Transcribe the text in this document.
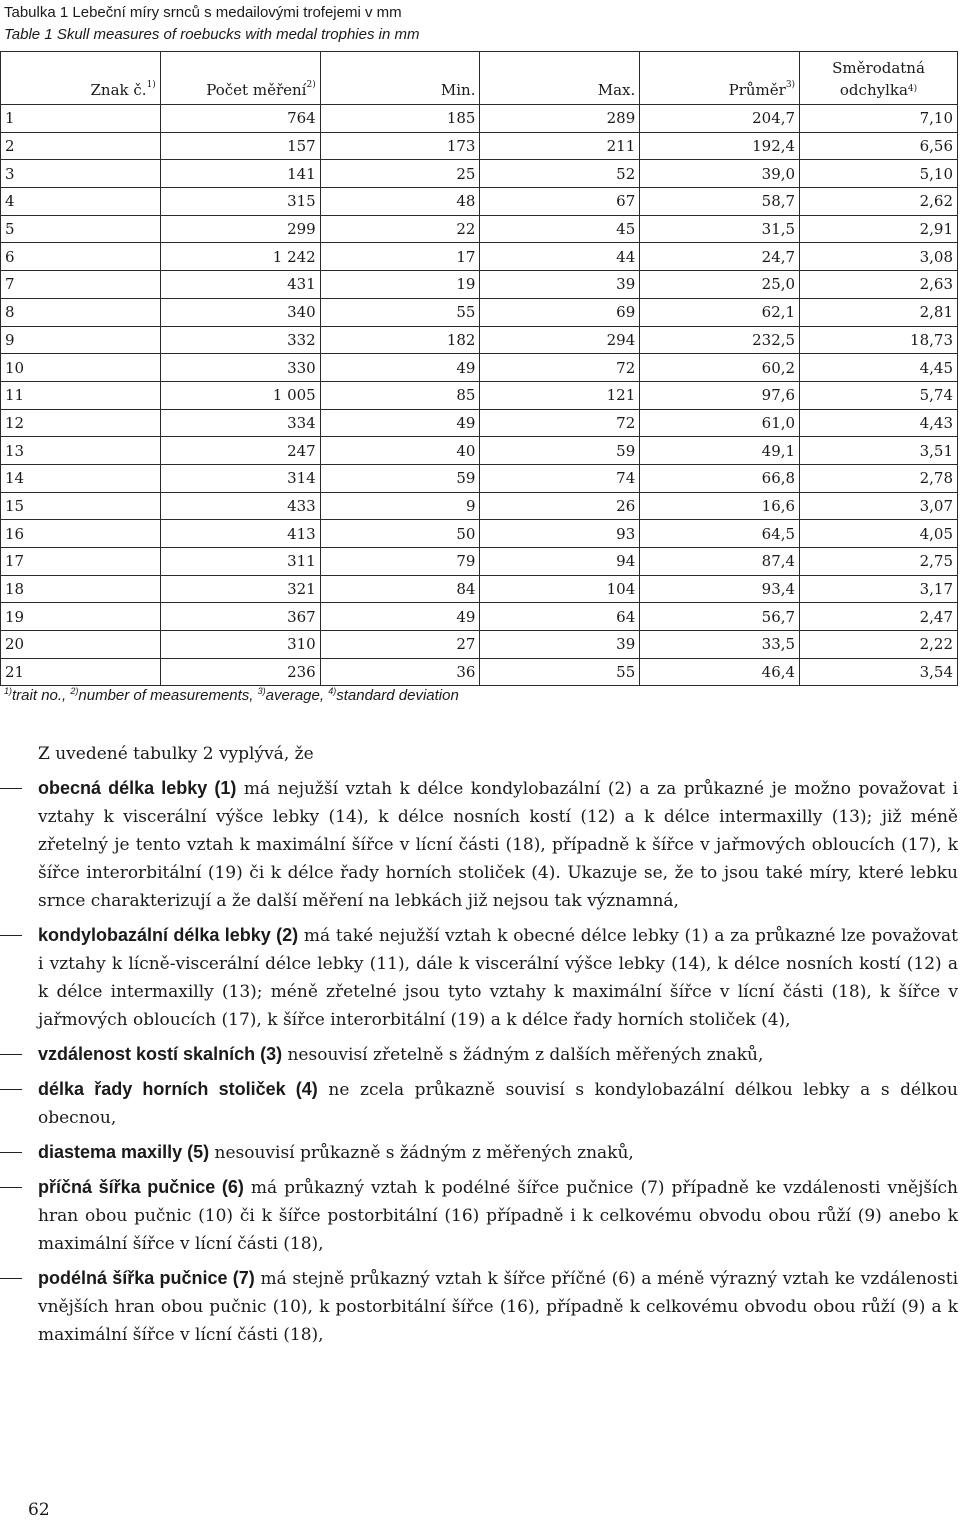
Tabulka 1 Lebeční míry srnců s medailovými trofejemi v mm
Table 1 Skull measures of roebucks with medal trophies in mm
Znak č.$^{1)}$	Počet měření$^{2)}$	Min.	Max.	Průměr$^{3)}$	Směrodatná
odchylka$^{4)}$
1	764	185	289	204,7	7,10
2	157	173	211	192,4	6,56
3	141	25	52	39,0	5,10
4	315	48	67	58,7	2,62
5	299	22	45	31,5	2,91
6	1 242	17	44	24,7	3,08
7	431	19	39	25,0	2,63
8	340	55	69	62,1	2,81
9	332	182	294	232,5	18,73
10	330	49	72	60,2	4,45
11	1 005	85	121	97,6	5,74
12	334	49	72	61,0	4,43
13	247	40	59	49,1	3,51
14	314	59	74	66,8	2,78
15	433	9	26	16,6	3,07
16	413	50	93	64,5	4,05
17	311	79	94	87,4	2,75
18	321	84	104	93,4	3,17
19	367	49	64	56,7	2,47
20	310	27	39	33,5	2,22
21	236	36	55	46,4	3,54
$^{1)}$trait no., $^{2)}$number of measurements, $^{3)}$average, $^{4)}$standard deviation

Z uvedené tabulky 2 vyplývá, že

obecná délka lebky (1) má nejužší vztah k délce kondylobazální (2) a za průkazné je možno považovat i vztahy k viscerální výšce lebky (14), k délce nosních kostí (12) a k délce intermaxilly (13); již méně zřetelný je tento vztah k maximální šířce v lícní části (18), případně k šířce v jařmových obloucích (17), k šířce interorbitální (19) či k délce řady horních stoliček (4). Ukazuje se, že to jsou také míry, které lebku srnce charakterizují a že další měření na lebkách již nejsou tak významná,
kondylobazální délka lebky (2) má také nejužší vztah k obecné délce lebky (1) a za průkazné lze považovat i vztahy k lícně-viscerální délce lebky (11), dále k viscerální výšce lebky (14), k délce nosních kostí (12) a k délce intermaxilly (13); méně zřetelné jsou tyto vztahy k maximální šířce v lícní části (18), k šířce v jařmových obloucích (17), k šířce interorbitální (19) a k délce řady horních stoliček (4),
vzdálenost kostí skalních (3) nesouvisí zřetelně s žádným z dalších měřených znaků,
délka řady horních stoliček (4) ne zcela průkazně souvisí s kondylobazální délkou lebky a s délkou obecnou,
diastema maxilly (5) nesouvisí průkazně s žádným z měřených znaků,
příčná šířka pučnice (6) má průkazný vztah k podélné šířce pučnice (7) případně ke vzdálenosti vnějších hran obou pučnic (10) či k šířce postorbitální (16) případně i k celkovému obvodu obou růží (9) anebo k maximální šířce v lícní části (18),
podélná šířka pučnice (7) má stejně průkazný vztah k šířce příčné (6) a méně výrazný vztah ke vzdálenosti vnějších hran obou pučnic (10), k postorbitální šířce (16), případně k celkovému obvodu obou růží (9) a k maximální šířce v lícní části (18),
62
